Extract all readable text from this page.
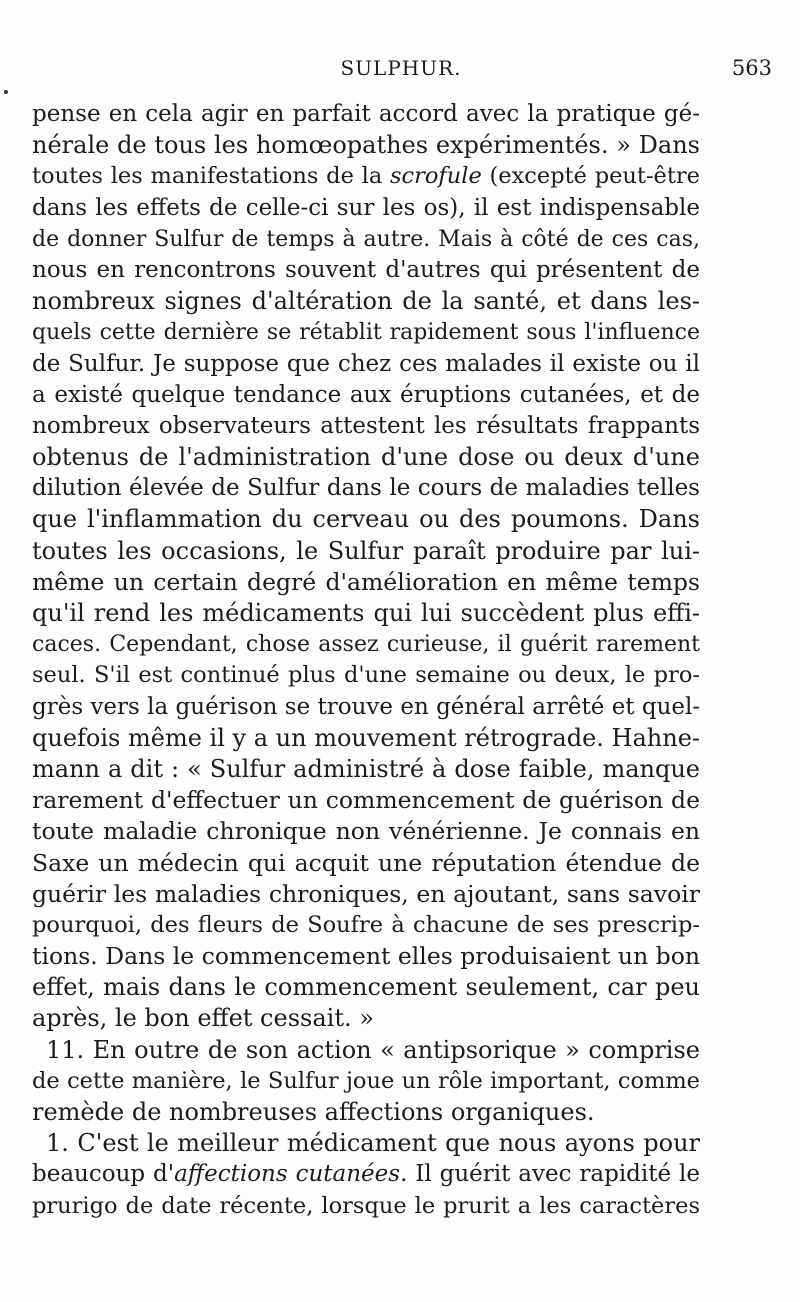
SULPHUR.	563
pense en cela agir en parfait accord avec la pratique gé-
nérale de tous les homœopathes expérimentés. » Dans
toutes les manifestations de la scrofule (excepté peut-être
dans les effets de celle-ci sur les os), il est indispensable
de donner Sulfur de temps à autre. Mais à côté de ces cas,
nous en rencontrons souvent d'autres qui présentent de
nombreux signes d'altération de la santé, et dans les-
quels cette dernière se rétablit rapidement sous l'influence
de Sulfur. Je suppose que chez ces malades il existe ou il
a existé quelque tendance aux éruptions cutanées, et de
nombreux observateurs attestent les résultats frappants
obtenus de l'administration d'une dose ou deux d'une
dilution élevée de Sulfur dans le cours de maladies telles
que l'inflammation du cerveau ou des poumons. Dans
toutes les occasions, le Sulfur paraît produire par lui-
même un certain degré d'amélioration en même temps
qu'il rend les médicaments qui lui succèdent plus effi-
caces. Cependant, chose assez curieuse, il guérit rarement
seul. S'il est continué plus d'une semaine ou deux, le pro-
grès vers la guérison se trouve en général arrêté et quel-
quefois même il y a un mouvement rétrograde. Hahne-
mann a dit : « Sulfur administré à dose faible, manque
rarement d'effectuer un commencement de guérison de
toute maladie chronique non vénérienne. Je connais en
Saxe un médecin qui acquit une réputation étendue de
guérir les maladies chroniques, en ajoutant, sans savoir
pourquoi, des fleurs de Soufre à chacune de ses prescrip-
tions. Dans le commencement elles produisaient un bon
effet, mais dans le commencement seulement, car peu
après, le bon effet cessait. »
11. En outre de son action « antipsorique » comprise
de cette manière, le Sulfur joue un rôle important, comme
remède de nombreuses affections organiques.
1. C'est le meilleur médicament que nous ayons pour
beaucoup d'affections cutanées. Il guérit avec rapidité le
prurigo de date récente, lorsque le prurit a les caractères
